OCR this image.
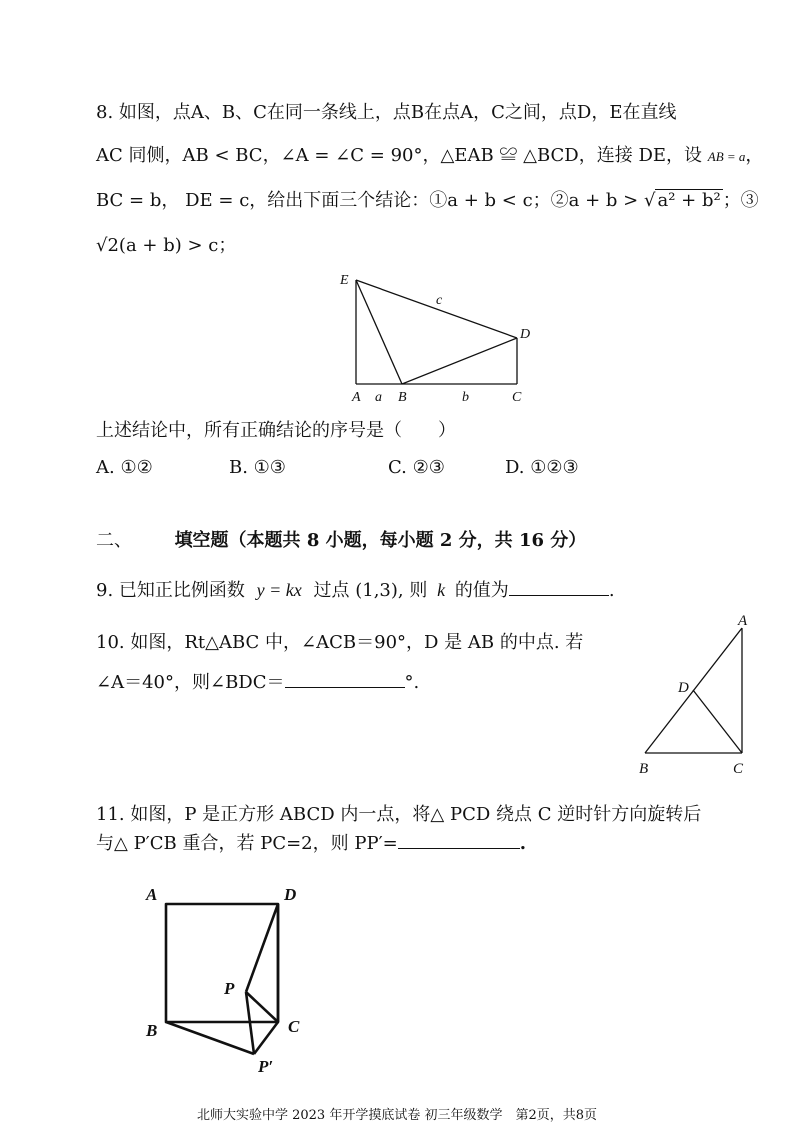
8. 如图，点A、B、C在同一条线上，点B在点A，C之间，点D，E在直线
AC 同侧，AB < BC，∠A = ∠C = 90°，△EAB ≌ △BCD，连接 DE，设 AB = a，
BC = b， DE = c，给出下面三个结论：①a + b < c；②a + b > √ a² + b² ；③
√2(a + b) > c；
E
D
A	B	C
a	b
c
上述结论中，所有正确结论的序号是（　　）
A. ①②	B. ①③	C. ②③	D. ①②③
二、 填空题（本题共 8 小题，每小题 2 分，共 16 分）
9. 已知正比例函数 y = kx 过点 (1,3), 则 k 的值为	.
10. 如图，Rt△ABC 中，∠ACB＝90°，D 是 AB 的中点. 若
∠A＝40°，则∠BDC＝	°.
A
D
B	C
11. 如图，P 是正方形 ABCD 内一点，将△ PCD 绕点 C 逆时针方向旋转后
与△ P′CB 重合，若 PC=2，则 PP′=	.
A	D
P
B	C
P′
北师大实验中学 2023 年开学摸底试卷 初三年级数学　第2页，共8页
